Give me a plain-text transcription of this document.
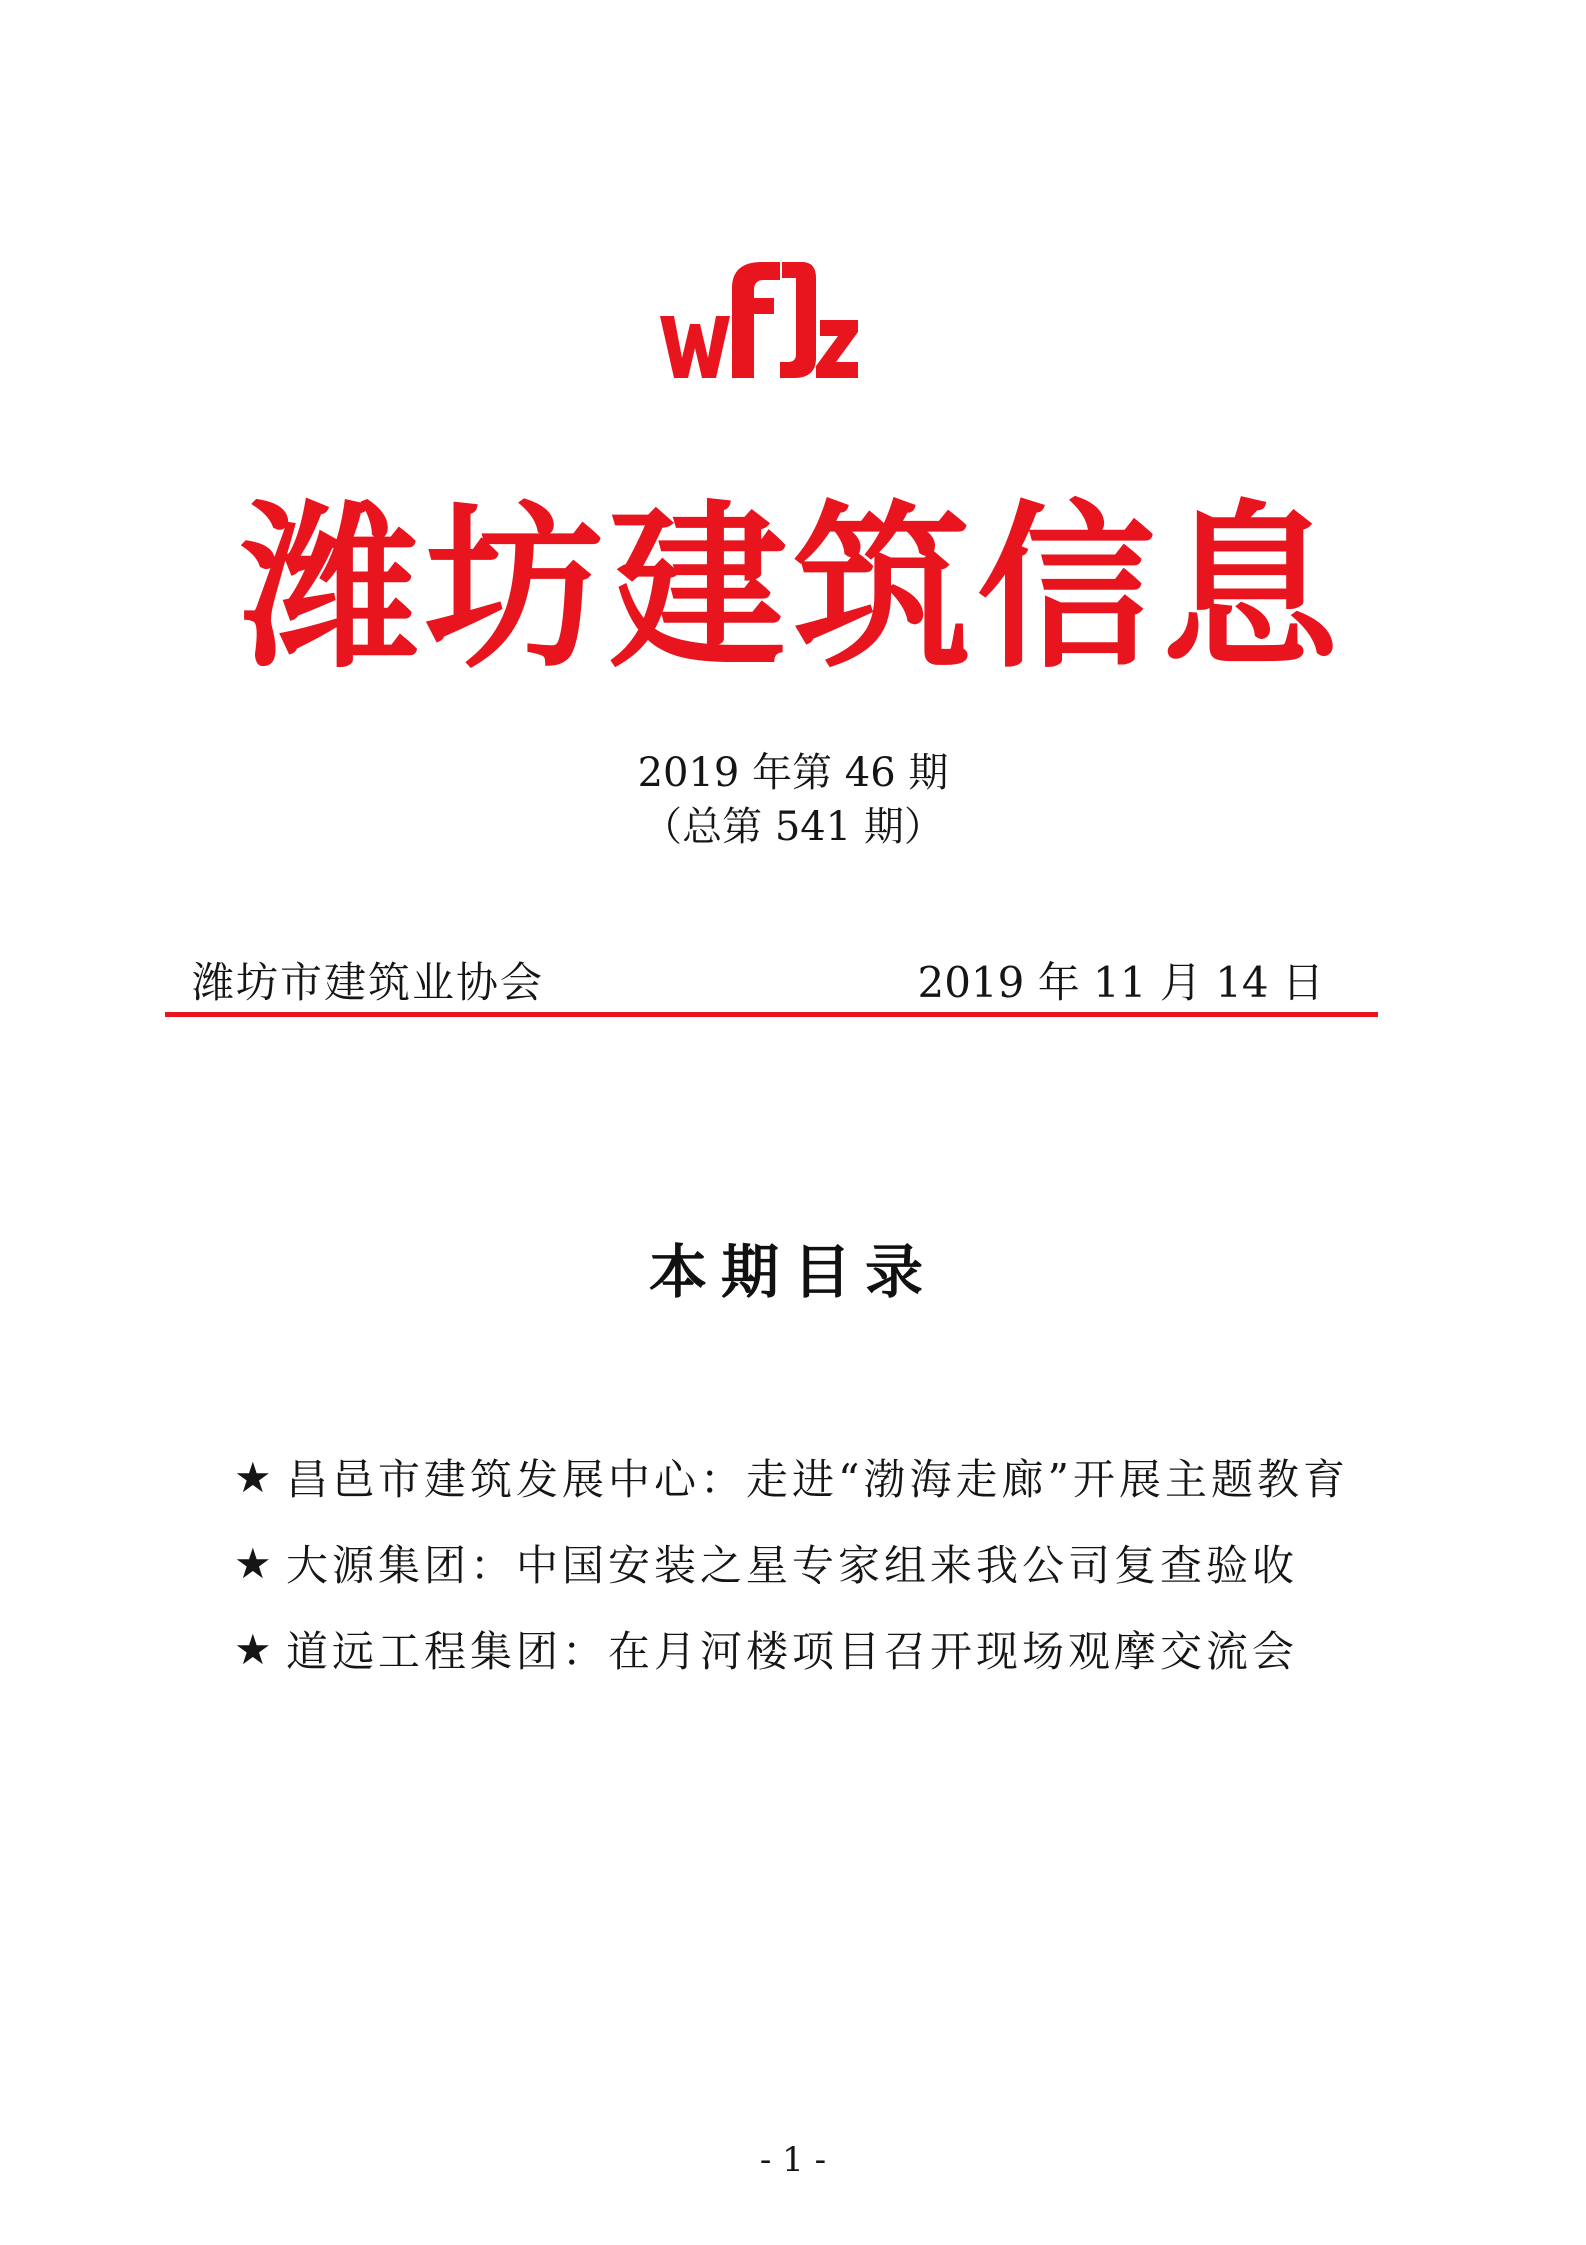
潍坊建筑信息
2019 年第 46 期
（总第 541 期）
潍坊市建筑业协会	2019 年 11 月 14 日
本期目录
★ 昌邑市建筑发展中心：走进“渤海走廊”开展主题教育
★ 大源集团：中国安装之星专家组来我公司复查验收
★ 道远工程集团：在月河楼项目召开现场观摩交流会
- 1 -
